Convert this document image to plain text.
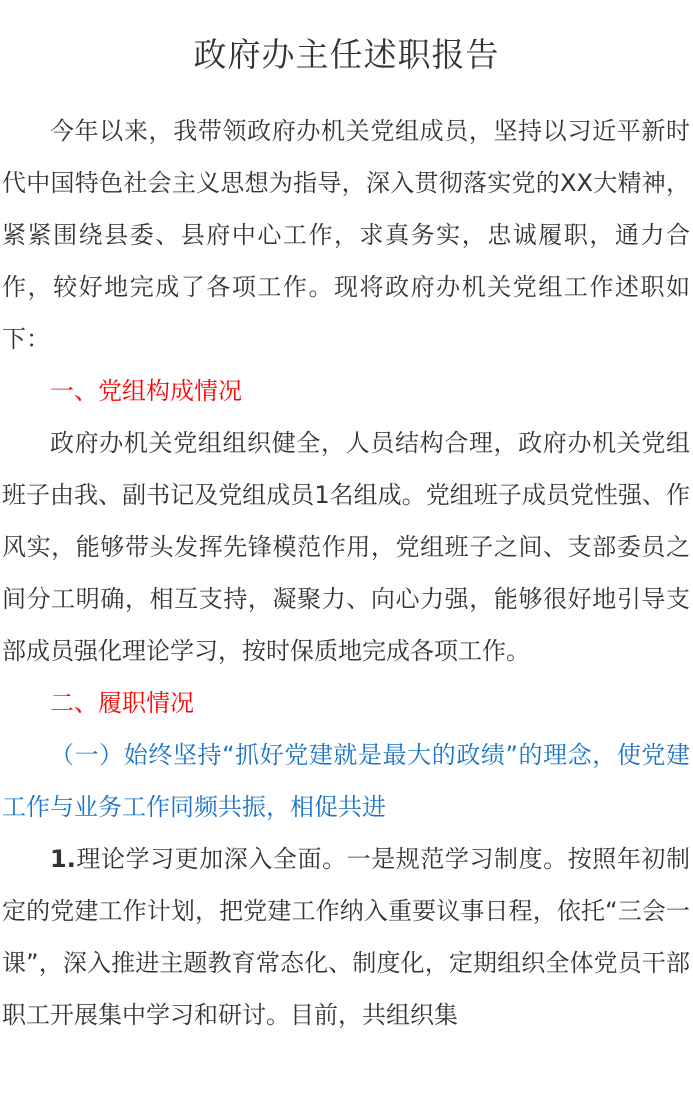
政府办主任述职报告

今年以来，我带领政府办机关党组成员，坚持以习近平新时代中国特色社会主义思想为指导，深入贯彻落实党的XX大精神，紧紧围绕县委、县府中心工作，求真务实，忠诚履职，通力合作，较好地完成了各项工作。现将政府办机关党组工作述职如下：

一、党组构成情况

政府办机关党组组织健全，人员结构合理，政府办机关党组班子由我、副书记及党组成员1名组成。党组班子成员党性强、作风实，能够带头发挥先锋模范作用，党组班子之间、支部委员之间分工明确，相互支持，凝聚力、向心力强，能够很好地引导支部成员强化理论学习，按时保质地完成各项工作。

二、履职情况

（一）始终坚持“抓好党建就是最大的政绩”的理念，使党建工作与业务工作同频共振，相促共进

1.理论学习更加深入全面。一是规范学习制度。按照年初制定的党建工作计划，把党建工作纳入重要议事日程，依托“三会一课”，深入推进主题教育常态化、制度化，定期组织全体党员干部职工开展集中学习和研讨。目前，共组织集
